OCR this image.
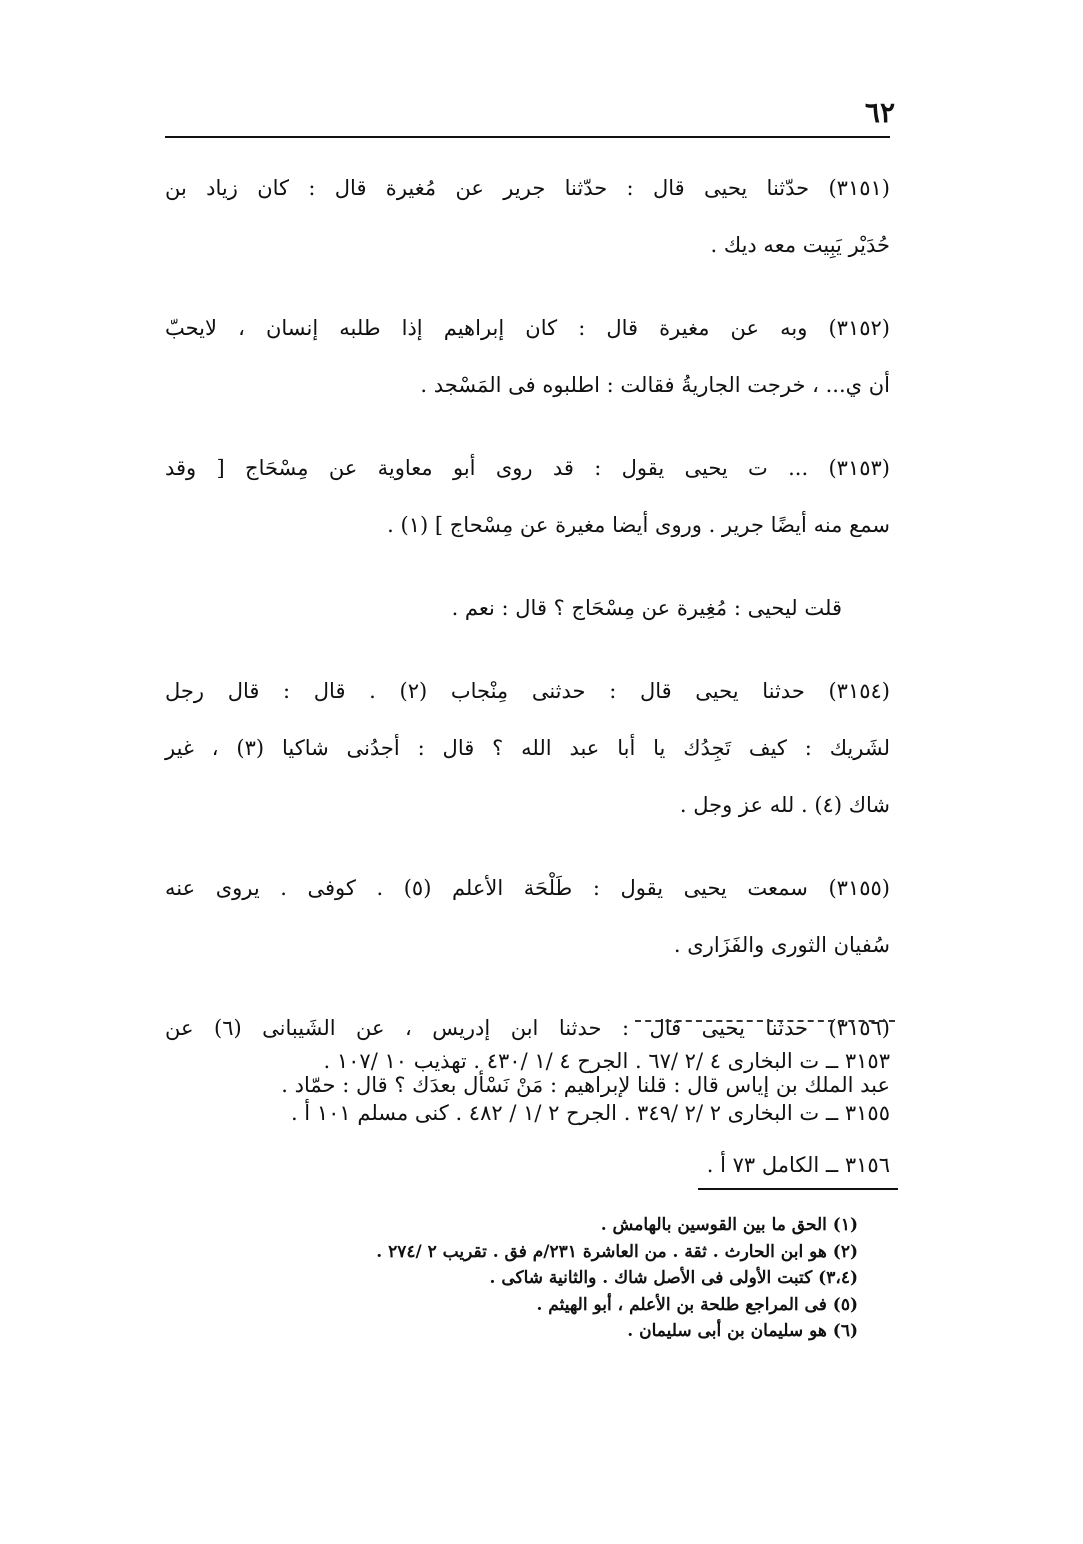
٦٢

(٣١٥١) حدّثنا يحيى قال : حدّثنا جرير عن مُغيرة قال : كان زياد بن
حُدَيْر يَبِيت معه ديك .

(٣١٥٢) وبه عن مغيرة قال : كان إبراهيم إذا طلبه إنسان ، لايحبّ
أن ي... ، خرجت الجاريةُ فقالت : اطلبوه فى المَسْجد .

(٣١٥٣) ... ت يحيى يقول : قد روى أبو معاوية عن مِسْحَاج [ وقد
سمع منه أيضًا جرير . وروى أيضا مغيرة عن مِسْحاج ] (١) .

قلت ليحيى : مُغِيرة عن مِسْحَاج ؟ قال : نعم .

(٣١٥٤) حدثنا يحيى قال : حدثنى مِنْجاب (٢) . قال : قال رجل
لشَريك : كيف تَجِدُك يا أبا عبد الله ؟ قال : أجدُنى شاكيا (٣) ، غير
شاك (٤) . لله عز وجل .

(٣١٥٥) سمعت يحيى يقول : طَلْحَة الأعلم (٥) . كوفى . يروى عنه
سُفيان الثورى والفَزَارى .

(٣١٥٦) حدثنا يحيى قال : حدثنا ابن إدريس ، عن الشَيبانى (٦) عن
عبد الملك بن إياس قال : قلنا لإبراهيم : مَنْ نَسْأل بعدَك ؟ قال : حمّاد .

٣١٥٣ ــ ت البخارى ٤ /٢ /٦٧ . الجرح ٤ /١ /٤٣٠ . تهذيب ١٠ /١٠٧ .
٣١٥٥ ــ ت البخارى ٢ /٢ /٣٤٩ . الجرح ٢ /١ / ٤٨٢ . كنى مسلم ١٠١ أ .
٣١٥٦ ــ الكامل ٧٣ أ .
(١) الحق ما بين القوسين بالهامش .
(٢) هو ابن الحارث . ثقة . من العاشرة ٢٣١/م فق . تقريب ٢ /٢٧٤ .
(٣،٤) كتبت الأولى فى الأصل شاك . والثانية شاكى .
(٥) فى المراجع طلحة بن الأعلم ، أبو الهيثم .
(٦) هو سليمان بن أبى سليمان .
